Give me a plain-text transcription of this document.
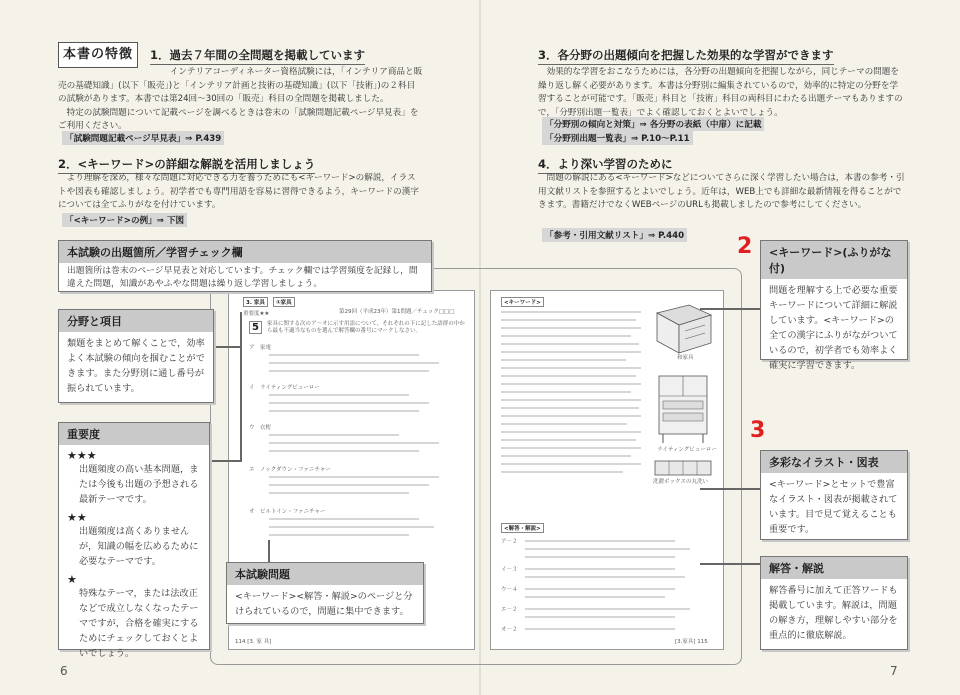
本書の特徴	1．過去７年間の全問題を掲載しています

インテリアコーディネーター資格試験には，「インテリア商品と販売の基礎知識」(以下「販売」)と「インテリア計画と技術の基礎知識」(以下「技術」)の２科目の試験があります。本書では第24回～30回の「販売」科目の全問題を掲載しました。

特定の試験問題について記載ページを調べるときは巻末の「試験問題記載ページ早見表」をご利用ください。

「試験問題記載ページ早見表」⇒ P.439
2．<キーワード>の詳細な解説を活用しましょう

より理解を深め，様々な問題に対応できる力を養うためにも<キーワード>の解説，イラストや図表も確認しましょう。初学者でも専門用語を容易に習得できるよう，キーワードの漢字については全てふりがなを付けています。

「<キーワード>の例」⇒ 下図
3. 家具	①家具
重要度★★	第29回（平成23年）第1問題／チェック□□□
5	家具に関する次のア～オに示す用語について，それぞれの下に記した語群の中から最も不適当なものを選んで解答欄の番号にマークしなさい。
ア　家電
イ　ライティングビューロー
ウ　衣桁
エ　ノックダウン・ファニチャー
オ　ビルトイン・ファニチャー
114 [3. 家 具]
<キーワード>
和家具
ライティングビューロー
洗濯ボックスの丸洗い
<解答・解説>
ア－２
イ－３
ウ－４
エ－２
オ－２
[3.家具] 115
本試験の出題箇所／学習チェック欄
出題箇所は巻末のページ早見表と対応しています。チェック欄では学習頻度を記録し，間違えた問題，知識があやふやな問題は繰り返し学習しましょう。
分野と項目
類題をまとめて解くことで，効率よく本試験の傾向を掴むことができます。また分野別に通し番号が振られています。
重要度
★★★
出題頻度の高い基本問題，または今後も出題の予想される最新テーマです。
★★
出題頻度は高くありませんが，知識の幅を広めるために必要なテーマです。
★
特殊なテーマ，または法改正などで成立しなくなったテーマですが，合格を確実にするためにチェックしておくとよいでしょう。
本試験問題
<キーワード><解答・解説>のページと分けられているので，問題に集中できます。
6
3．各分野の出題傾向を把握した効果的な学習ができます

効果的な学習をおこなうためには，各分野の出題傾向を把握しながら，同じテーマの問題を繰り返し解く必要があります。本書は分野別に編集されているので，効率的に特定の分野を学習することが可能です。「販売」科目と「技術」科目の両科目にわたる出題テーマもありますので，「分野別出題一覧表」でよく確認しておくとよいでしょう。

「分野別の傾向と対策」⇒ 各分野の表紙（中扉）に記載
「分野別出題一覧表」⇒ P.10～P.11
4．より深い学習のために

問題の解説にある<キーワード>などについてさらに深く学習したい場合は，本書の参考・引用文献リストを参照するとよいでしょう。近年は，WEB上でも詳細な最新情報を得ることができます。書籍だけでなくWEBページのURLも掲載しましたので参考にしてください。

「参考・引用文献リスト」⇒ P.440 2
3
<キーワード>(ふりがな付)
問題を理解する上で必要な重要キーワードについて詳細に解説しています。<キーワード>の全ての漢字にふりがながついているので，初学者でも効率よく確実に学習できます。
多彩なイラスト・図表
<キーワード>とセットで豊富なイラスト・図表が掲載されています。目で見て覚えることも重要です。
解答・解説
解答番号に加えて正答ワードも掲載しています。解説は，問題の解き方，理解しやすい部分を重点的に徹底解説。
7
